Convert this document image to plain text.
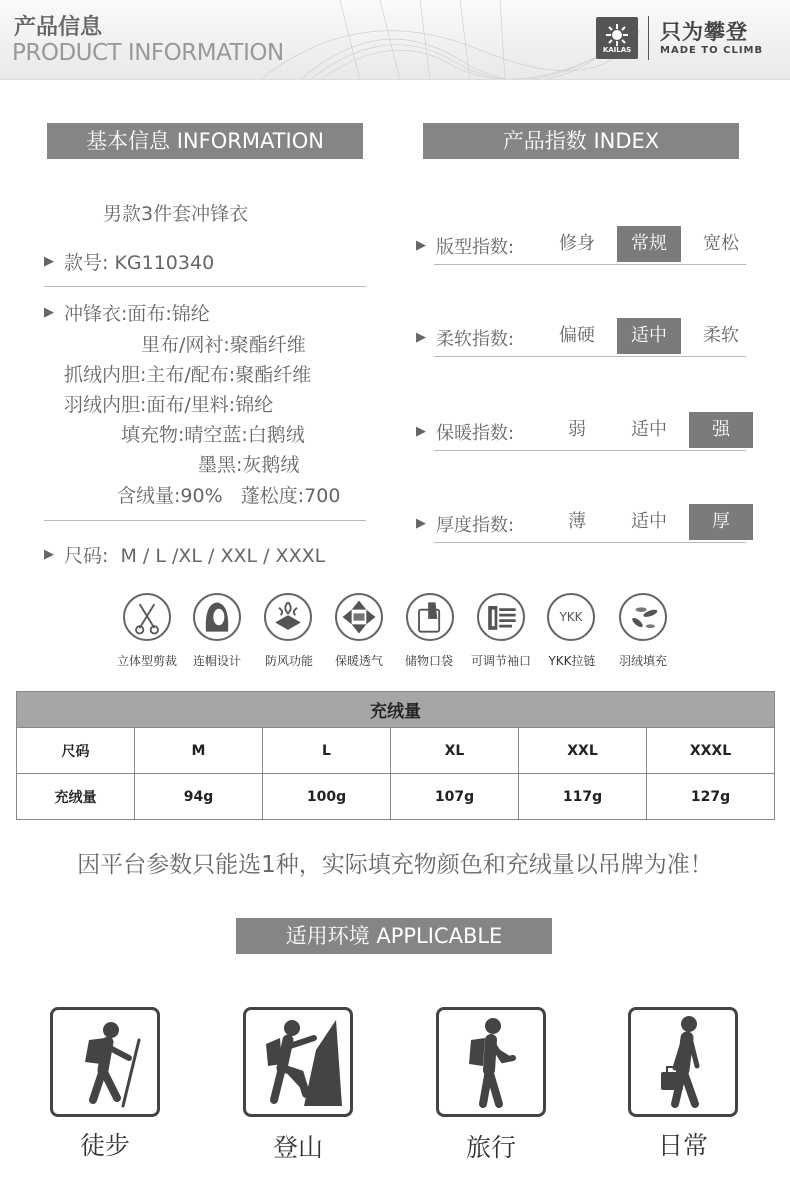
产品信息
PRODUCT INFORMATION	KAILAS
只为攀登
MADE TO CLIMB
基本信息 INFORMATION
男款3件套冲锋衣
▶ 款号: KG110340
▶ 冲锋衣:面布:锦纶
里布/网衬:聚酯纤维
抓绒内胆:主布/配布:聚酯纤维
羽绒内胆:面布/里料:锦纶
填充物:晴空蓝:白鹅绒
墨黑:灰鹅绒
含绒量:90%   蓬松度:700
▶ 尺码:  M / L /XL / XXL / XXXL
产品指数 INDEX
▶ 版型指数:	修身	常规	宽松
▶ 柔软指数:	偏硬	适中	柔软
▶ 保暖指数:	弱	适中	强
▶ 厚度指数:	薄	适中	厚
立体型剪裁	连帽设计	防风功能	保暖透气	储物口袋	可调节袖口
YKK
YKK拉链	羽绒填充
充绒量					
尺码	M	L	XL	XXL	XXXL
充绒量	94g	100g	107g	117g	127g
因平台参数只能选1种，实际填充物颜色和充绒量以吊牌为准！
适用环境 APPLICABLE
徒步	登山	旅行	日常
